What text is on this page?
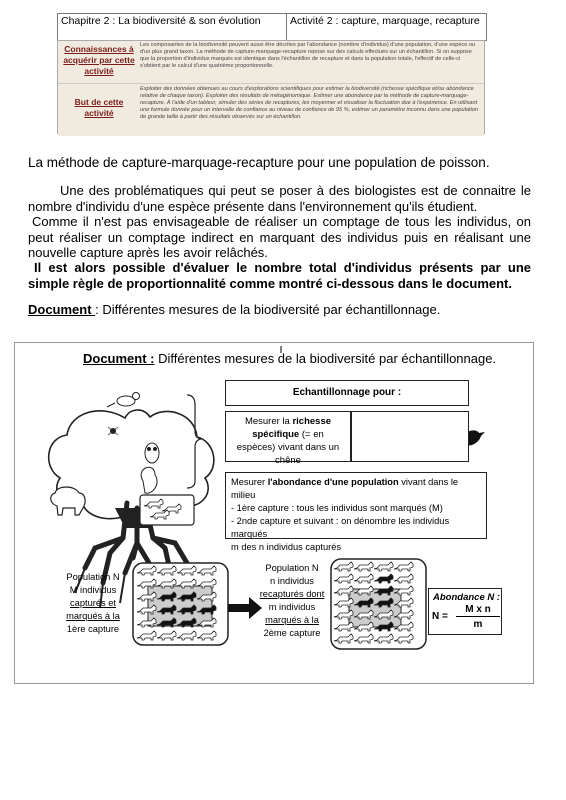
Chapitre 2 : La biodiversité & son évolution	Activité 2 : capture, marquage, recapture
Connaissances à acquérir par cette activité
Les composantes de la biodiversité peuvent aussi être décrites par l'abondance (nombre d'individus) d'une population, d'une espèce ou d'un plus grand taxon. La méthode de capture-marquage-recapture repose sur des calculs effectués sur un échantillon. Si on suppose que la proportion d'individus marqués est identique dans l'échantillon de recapture et dans la population totale, l'effectif de celle-ci s'obtient par le calcul d'une quatrième proportionnelle.
But de cette activité
Exploiter des données obtenues au cours d'explorations scientifiques pour estimer la biodiversité (richesse spécifique et/ou abondance relative de chaque taxon). Exploiter des résultats de métagénomique. Estimer une abondance par la méthode de capture-marquage-recapture. À l'aide d'un tableur, simuler des séries de recaptures, les moyenner et visualiser la fluctuation due à l'expérience. En utilisant une formule donnée pour un intervalle de confiance au niveau de confiance de 95 %, estimer un paramètre inconnu dans une population de grande taille à partir des résultats observés sur un échantillon.
La méthode de capture-marquage-recapture pour une population de poisson.
Une des problématiques qui peut se poser à des biologistes est de connaitre le nombre d'individu d'une espèce présente dans l'environnement qu'ils étudient.
Comme il n'est pas envisageable de réaliser un comptage de tous les individus, on peut réaliser un comptage indirect en marquant des individus puis en réalisant une nouvelle capture après les avoir relâchés.
Il est alors possible d'évaluer le nombre total d'individus présents par une simple règle de proportionnalité comme montré ci-dessous dans le document.
Document : Différentes mesures de la biodiversité par échantillonnage.
Document : Différentes mesures de la biodiversité par échantillonnage.
Echantillonnage pour :
Mesurer la richesse spécifique (= en espèces) vivant dans un chêne
Mesurer l'abondance d'une population vivant dans le milieu
- 1ère capture : tous les individus sont marqués (M)
- 2nde capture et suivant : on dénombre les individus marqués
m des n individus capturés
Population N
M individus
capturés et
marqués à la
1ère capture
Population N
n individus
recapturés dont
m individus
marqués à la
2ème capture
Abondance N :
N =
M x n
m
